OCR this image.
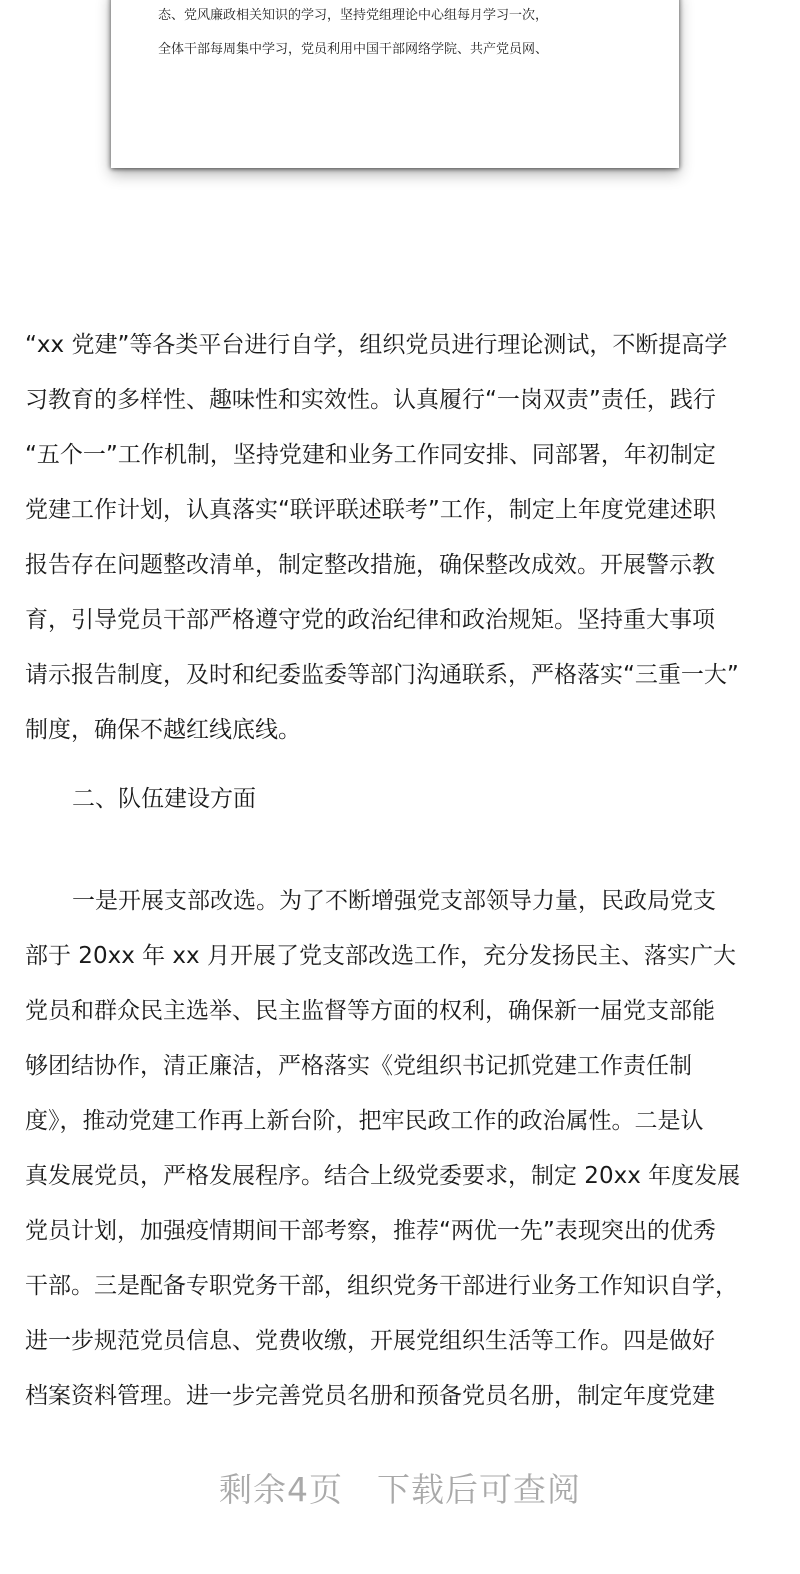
态、党风廉政相关知识的学习，坚持党组理论中心组每月学习一次，
全体干部每周集中学习，党员利用中国干部网络学院、共产党员网、
“xx 党建”等各类平台进行自学，组织党员进行理论测试，不断提高学
习教育的多样性、趣味性和实效性。认真履行“一岗双责”责任，践行
“五个一”工作机制，坚持党建和业务工作同安排、同部署，年初制定
党建工作计划，认真落实“联评联述联考”工作，制定上年度党建述职
报告存在问题整改清单，制定整改措施，确保整改成效。开展警示教
育，引导党员干部严格遵守党的政治纪律和政治规矩。坚持重大事项
请示报告制度，及时和纪委监委等部门沟通联系，严格落实“三重一大”
制度，确保不越红线底线。
二、队伍建设方面
一是开展支部改选。为了不断增强党支部领导力量，民政局党支
部于 20xx 年 xx 月开展了党支部改选工作，充分发扬民主、落实广大
党员和群众民主选举、民主监督等方面的权利，确保新一届党支部能
够团结协作，清正廉洁，严格落实《党组织书记抓党建工作责任制
度》，推动党建工作再上新台阶，把牢民政工作的政治属性。二是认
真发展党员，严格发展程序。结合上级党委要求，制定 20xx 年度发展
党员计划，加强疫情期间干部考察，推荐“两优一先”表现突出的优秀
干部。三是配备专职党务干部，组织党务干部进行业务工作知识自学，
进一步规范党员信息、党费收缴，开展党组织生活等工作。四是做好
档案资料管理。进一步完善党员名册和预备党员名册，制定年度党建
剩余4页 下载后可查阅
